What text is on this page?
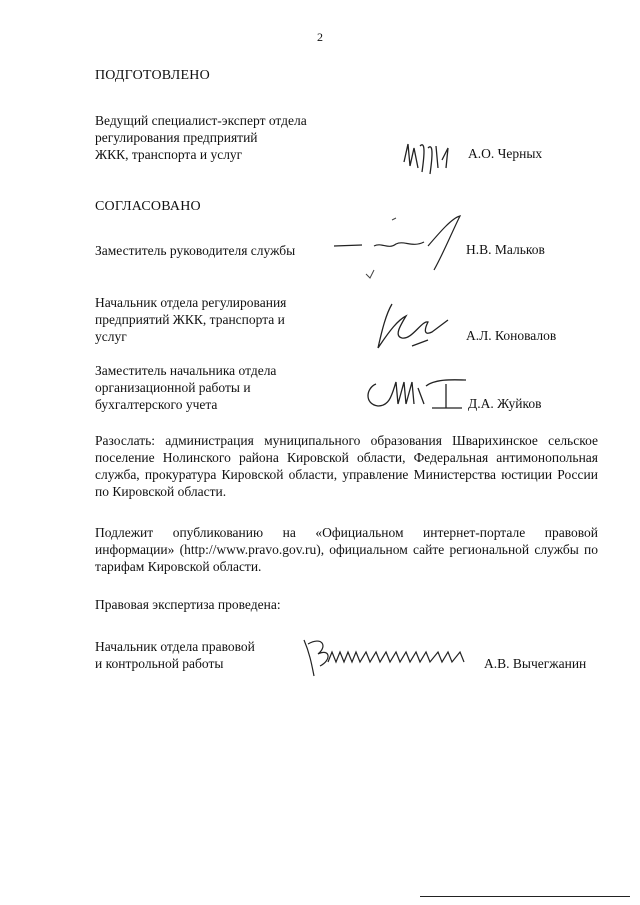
2
ПОДГОТОВЛЕНО
Ведущий специалист-эксперт отдела
регулирования предприятий
ЖКК, транспорта и услуг	А.О. Черных
СОГЛАСОВАНО
Заместитель руководителя службы	Н.В. Мальков
Начальник отдела регулирования
предприятий ЖКК, транспорта и
услуг	А.Л. Коновалов
Заместитель начальника отдела
организационной работы и
бухгалтерского учета	Д.А. Жуйков
Разослать: администрация муниципального образования Шварихинское сельское поселение Нолинского района Кировской области, Федеральная антимонопольная служба, прокуратура Кировской области, управление Министерства юстиции России по Кировской области.
Подлежит опубликованию на «Официальном интернет-портале правовой информации» (http://www.pravo.gov.ru), официальном сайте региональной службы по тарифам Кировской области.
Правовая экспертиза проведена:
Начальник отдела правовой
и контрольной работы	А.В. Вычегжанин
